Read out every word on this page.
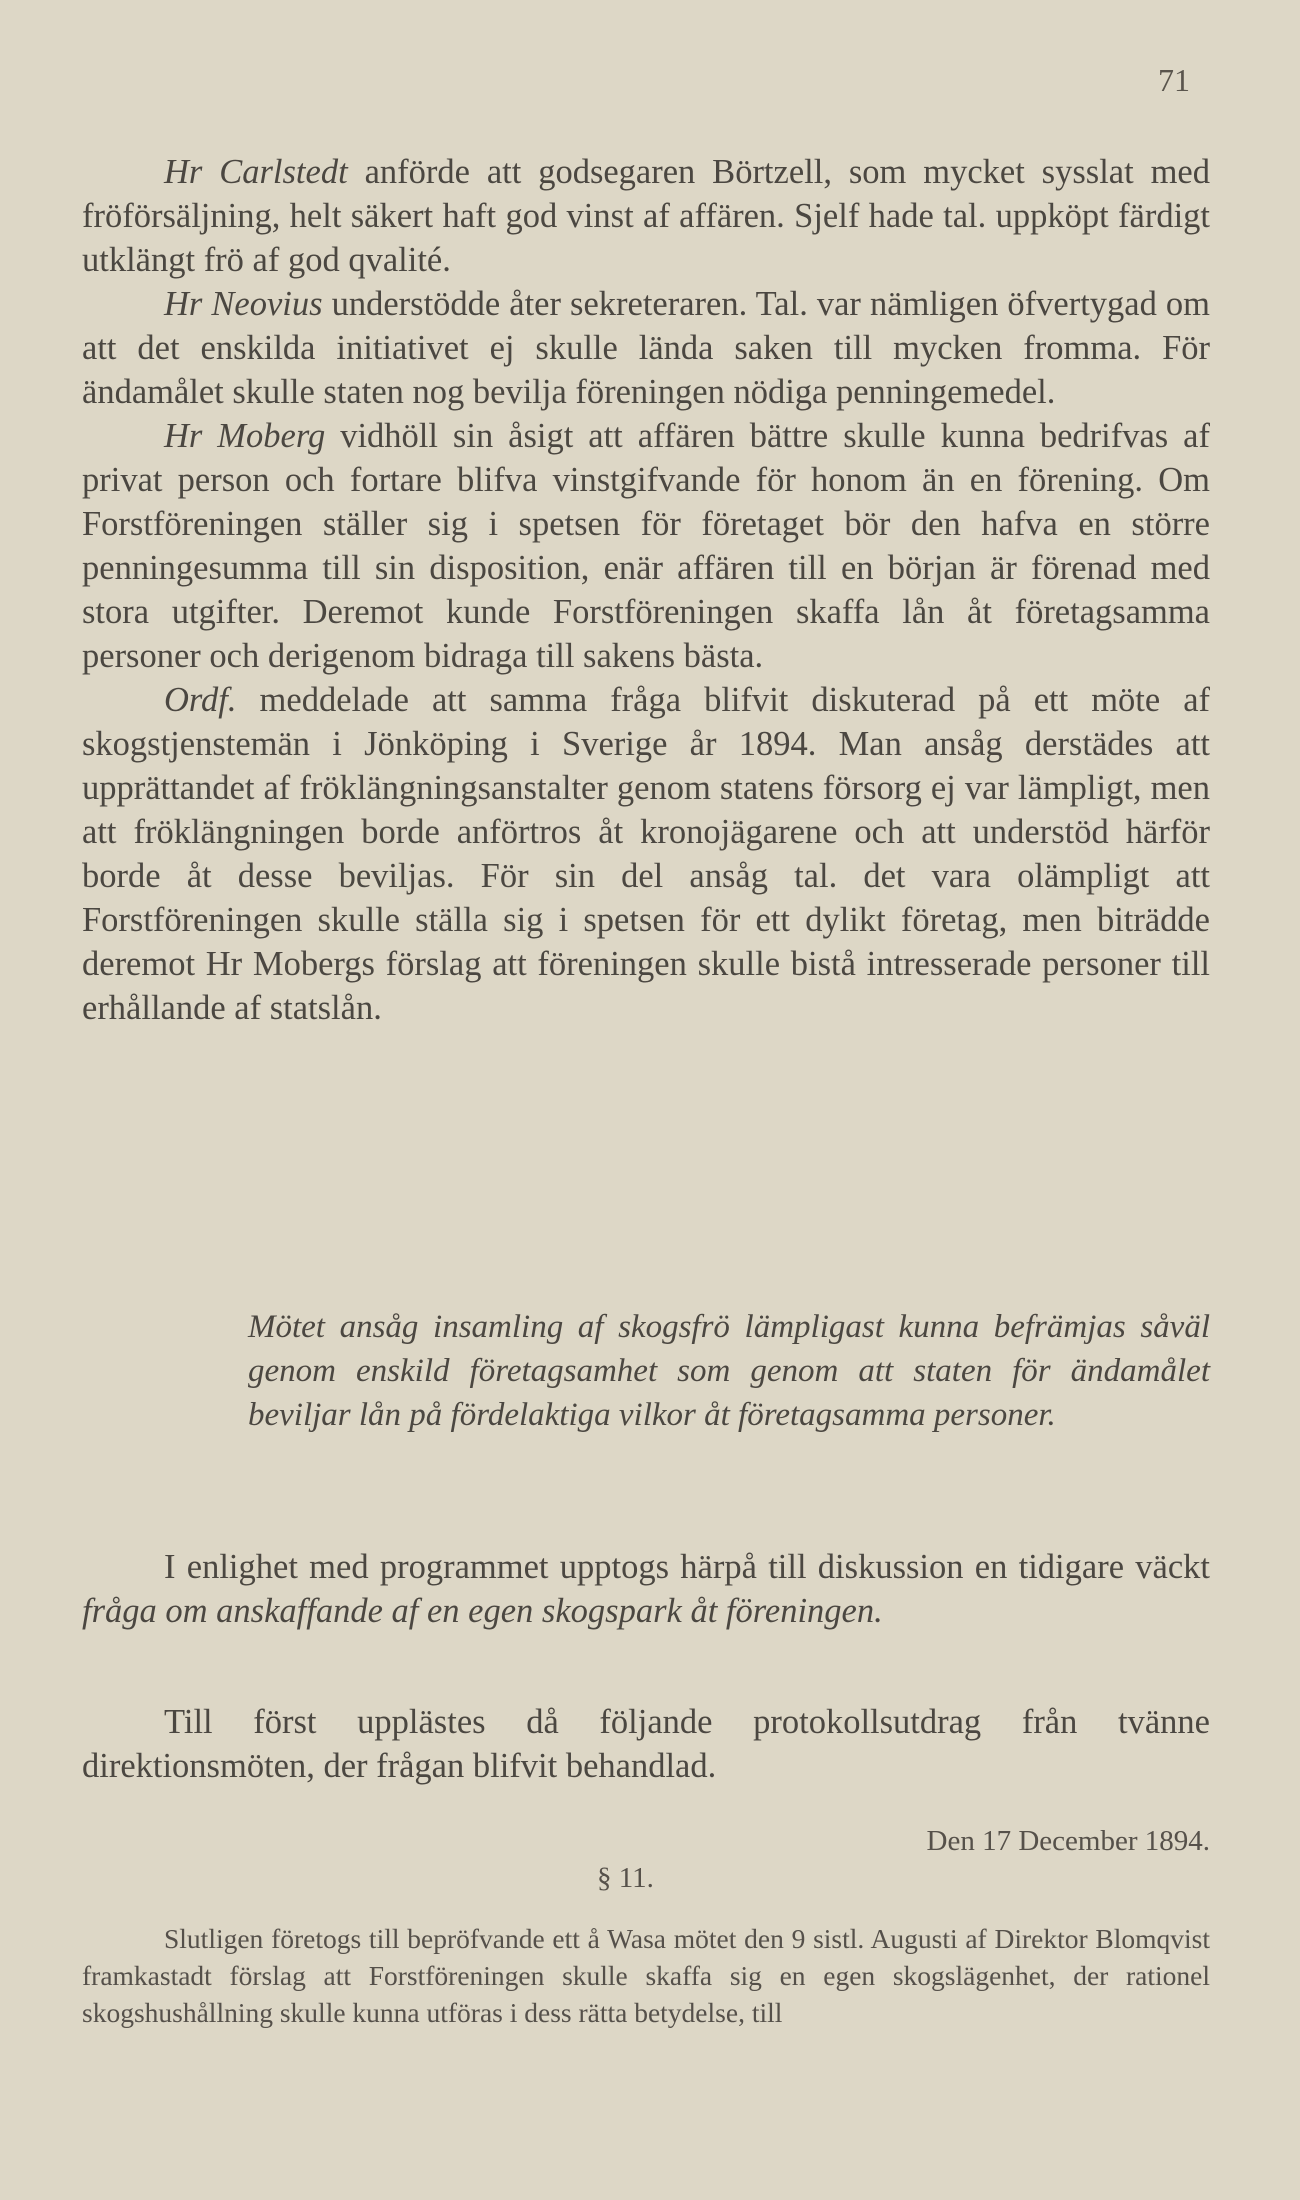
71

Hr Carlstedt anförde att godsegaren Börtzell, som mycket sysslat med fröförsäljning, helt säkert haft god vinst af affären. Sjelf hade tal. uppköpt färdigt utklängt frö af god qvalité.

Hr Neovius understödde åter sekreteraren. Tal. var nämligen öfvertygad om att det enskilda initiativet ej skulle lända saken till mycken fromma. För ändamålet skulle staten nog bevilja föreningen nödiga penningemedel.

Hr Moberg vidhöll sin åsigt att affären bättre skulle kunna bedrifvas af privat person och fortare blifva vinstgifvande för honom än en förening. Om Forstföreningen ställer sig i spetsen för företaget bör den hafva en större penningesumma till sin disposition, enär affären till en början är förenad med stora utgifter. Deremot kunde Forstföreningen skaffa lån åt företagsamma personer och derigenom bidraga till sakens bästa.

Ordf. meddelade att samma fråga blifvit diskuterad på ett möte af skogstjenstemän i Jönköping i Sverige år 1894. Man ansåg derstädes att upprättandet af fröklängningsanstalter genom statens försorg ej var lämpligt, men att fröklängningen borde anförtros åt kronojägarene och att understöd härför borde åt desse beviljas. För sin del ansåg tal. det vara olämpligt att Forstföreningen skulle ställa sig i spetsen för ett dylikt företag, men biträdde deremot Hr Mobergs förslag att föreningen skulle bistå intresserade personer till erhållande af statslån.

Mötet ansåg insamling af skogsfrö lämpligast kunna befrämjas såväl genom enskild företagsamhet som genom att staten för ändamålet beviljar lån på fördelaktiga vilkor åt företagsamma personer.

I enlighet med programmet upptogs härpå till diskussion en tidigare väckt fråga om anskaffande af en egen skogspark åt föreningen.

Till först upplästes då följande protokollsutdrag från tvänne direktionsmöten, der frågan blifvit behandlad.

Den 17 December 1894.
§ 11.

Slutligen företogs till bepröfvande ett å Wasa mötet den 9 sistl. Augusti af Direktor Blomqvist framkastadt förslag att Forstföreningen skulle skaffa sig en egen skogslägenhet, der rationel skogshushållning skulle kunna utföras i dess rätta betydelse, till
